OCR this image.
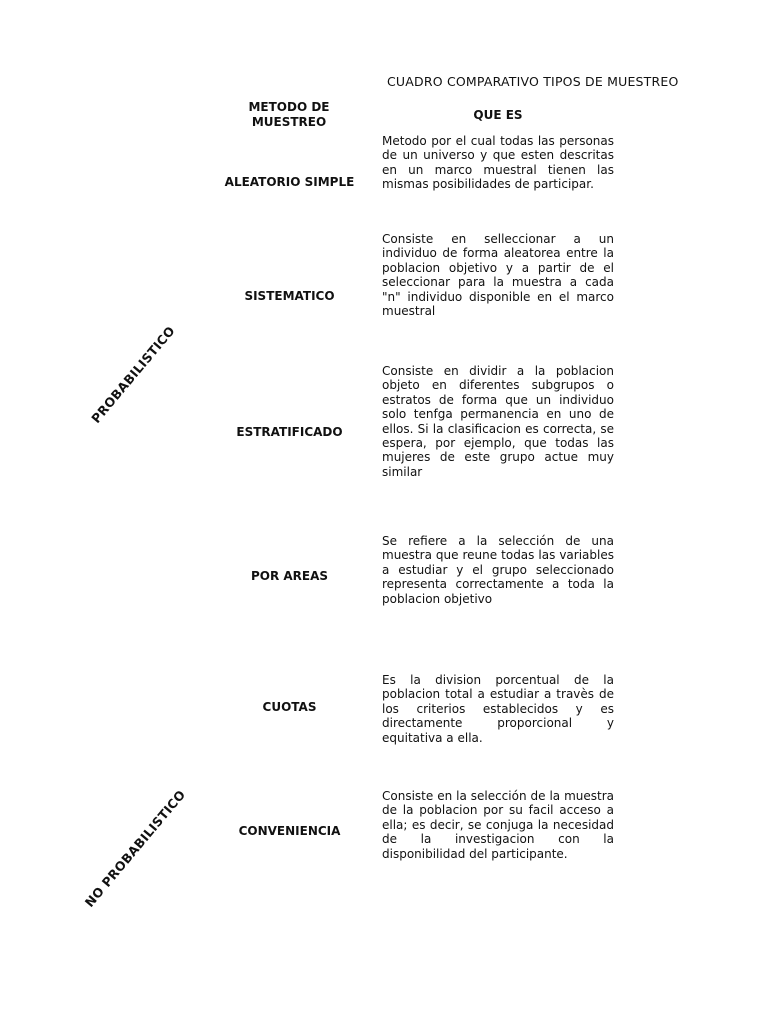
CUADRO COMPARATIVO TIPOS DE MUESTREO
METODO DE MUESTREO	QUE ES
PROBABILISTICO
NO PROBABILISTICO
ALEATORIO SIMPLE
Metodo por el cual todas las personas de un universo y que esten descritas en un marco muestral tienen las mismas posibilidades de participar.
SISTEMATICO
Consiste en selleccionar a un individuo de forma aleatorea entre la poblacion objetivo y a partir de el seleccionar para la muestra a cada "n" individuo disponible en el marco muestral
ESTRATIFICADO
Consiste en dividir a la poblacion objeto en diferentes subgrupos o estratos de forma que un individuo solo tenfga permanencia en uno de ellos. Si la clasificacion es correcta, se espera, por ejemplo, que todas las mujeres de este grupo actue muy similar
POR AREAS
Se refiere a la selección de una muestra que reune todas las variables a estudiar y el grupo seleccionado representa correctamente a toda la poblacion objetivo
CUOTAS
Es la division porcentual de la poblacion total a estudiar a travès de los criterios establecidos y es directamente proporcional y equitativa a ella.
CONVENIENCIA
Consiste en la selección de la muestra de la poblacion por su facil acceso a ella; es decir, se conjuga la necesidad de la investigacion con la disponibilidad del participante.
